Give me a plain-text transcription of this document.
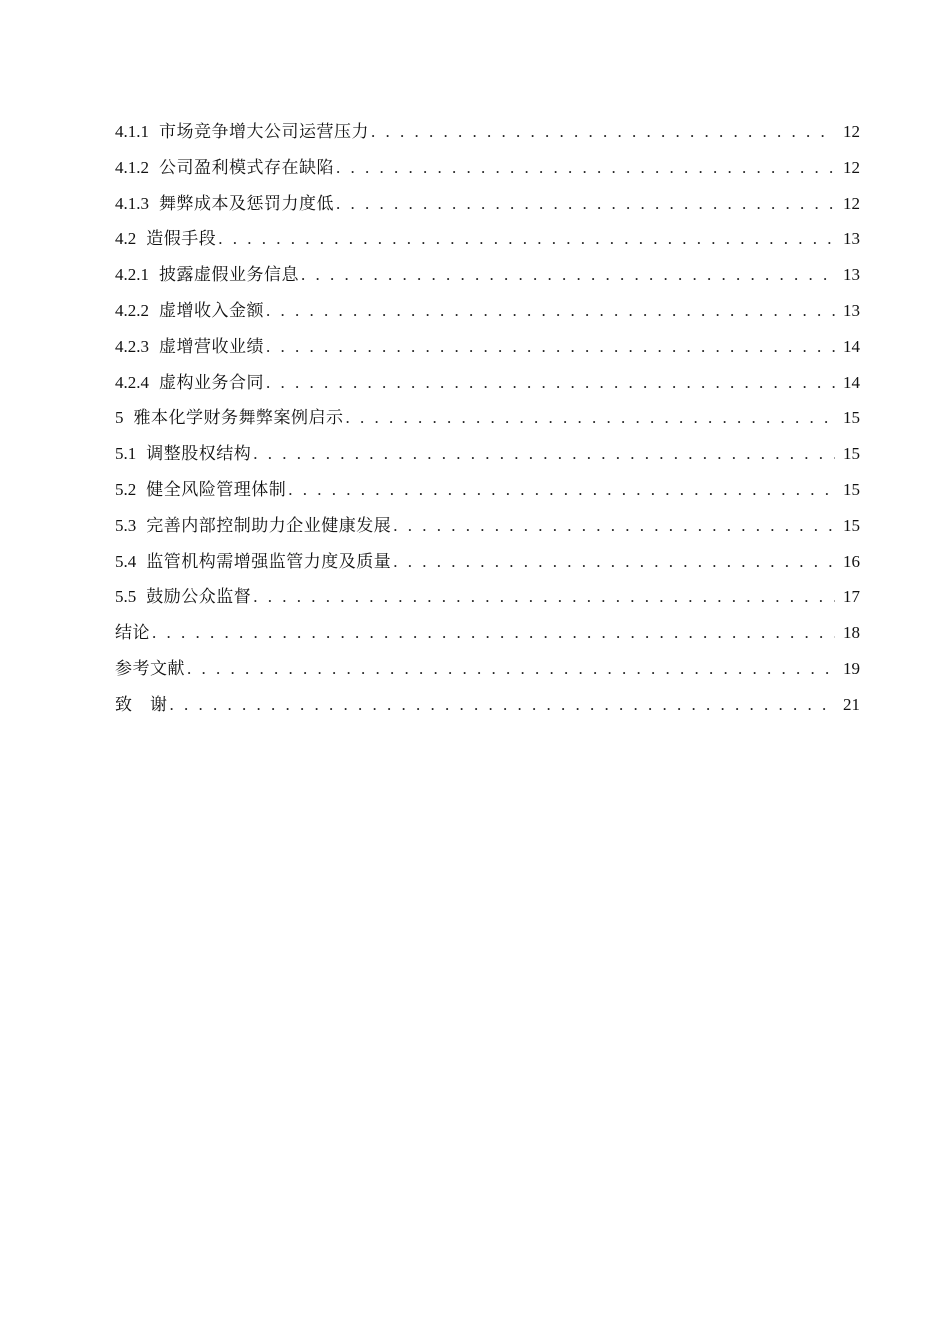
4.1.1 市场竞争增大公司运营压力 . . .	12
4.1.2 公司盈利模式存在缺陷 . . .	12
4.1.3 舞弊成本及惩罚力度低 . . .	12
4.2 造假手段 . . .	13
4.2.1 披露虚假业务信息 . . .	13
4.2.2 虚增收入金额 . . .	13
4.2.3 虚增营收业绩 . . .	14
4.2.4 虚构业务合同 . . .	14
5 雅本化学财务舞弊案例启示 . . .	15
5.1 调整股权结构 . . .	15
5.2 健全风险管理体制 . . .	15
5.3 完善内部控制助力企业健康发展 . . .	15
5.4 监管机构需增强监管力度及质量 . . .	16
5.5 鼓励公众监督 . . .	17
结论 . . .	18
参考文献 . . .	19
致　谢 . . .	21
